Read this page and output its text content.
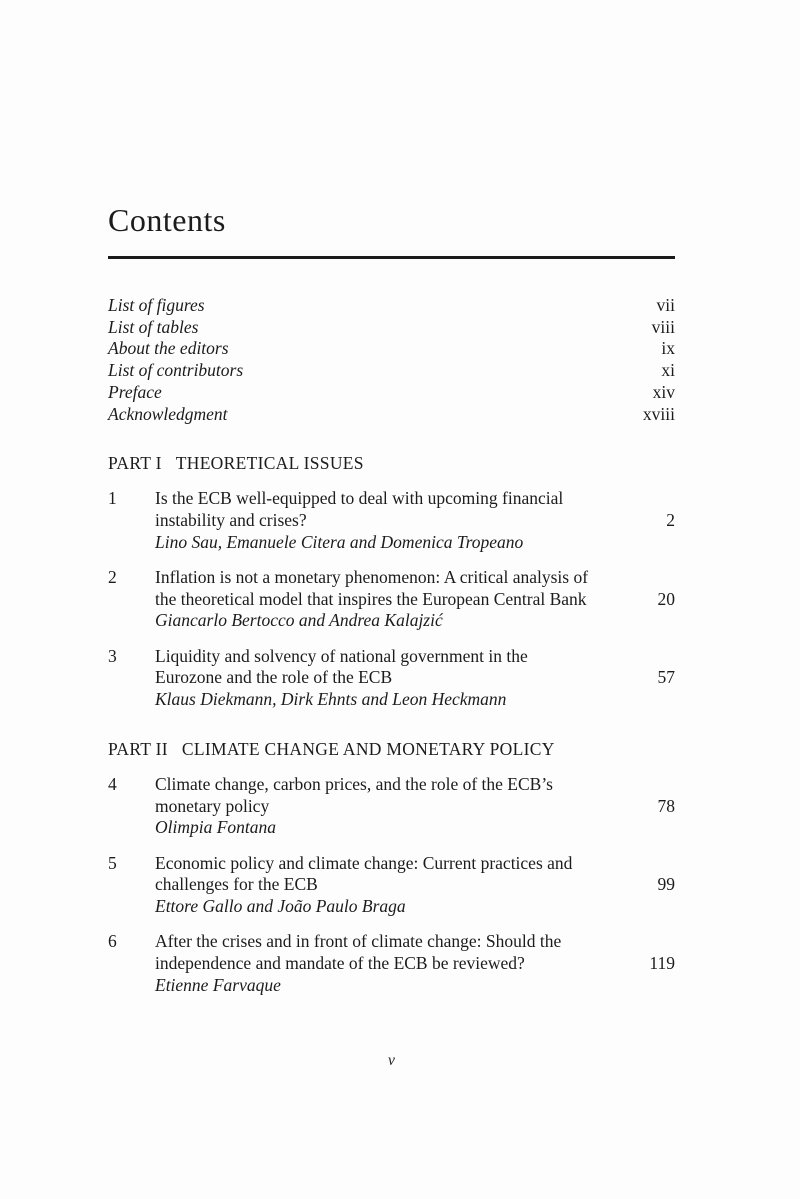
Contents
List of figures	vii
List of tables	viii
About the editors	ix
List of contributors	xi
Preface	xiv
Acknowledgment	xviii
PART I THEORETICAL ISSUES
1	Is the ECB well-equipped to deal with upcoming financial
instability and crises?	2
Lino Sau, Emanuele Citera and Domenica Tropeano
2	Inflation is not a monetary phenomenon: A critical analysis of
the theoretical model that inspires the European Central Bank	20
Giancarlo Bertocco and Andrea Kalajzić
3	Liquidity and solvency of national government in the
Eurozone and the role of the ECB	57
Klaus Diekmann, Dirk Ehnts and Leon Heckmann
PART II CLIMATE CHANGE AND MONETARY POLICY
4	Climate change, carbon prices, and the role of the ECB’s
monetary policy	78
Olimpia Fontana
5	Economic policy and climate change: Current practices and
challenges for the ECB	99
Ettore Gallo and João Paulo Braga
6	After the crises and in front of climate change: Should the
independence and mandate of the ECB be reviewed?	119
Etienne Farvaque
v
